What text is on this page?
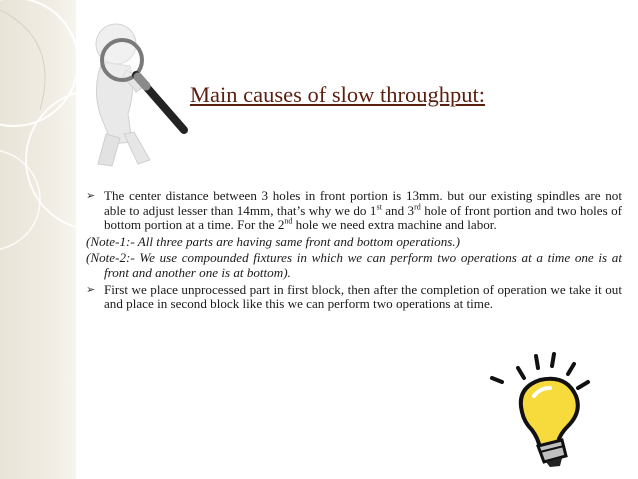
Main causes of slow throughput:
➢ The center distance between 3 holes in front portion is 13mm. but our existing spindles are not able to adjust lesser than 14mm, that’s why we do 1st and 3rd hole of front portion and two holes of bottom portion at a time. For the 2nd hole we need extra machine and labor.
(Note-1:- All three parts are having same front and bottom operations.)
(Note-2:- We use compounded fixtures in which we can perform two operations at a time one is at front and another one is at bottom).
➢ First we place unprocessed part in first block, then after the completion of operation we take it out and place in second block like this we can perform two operations at time.
